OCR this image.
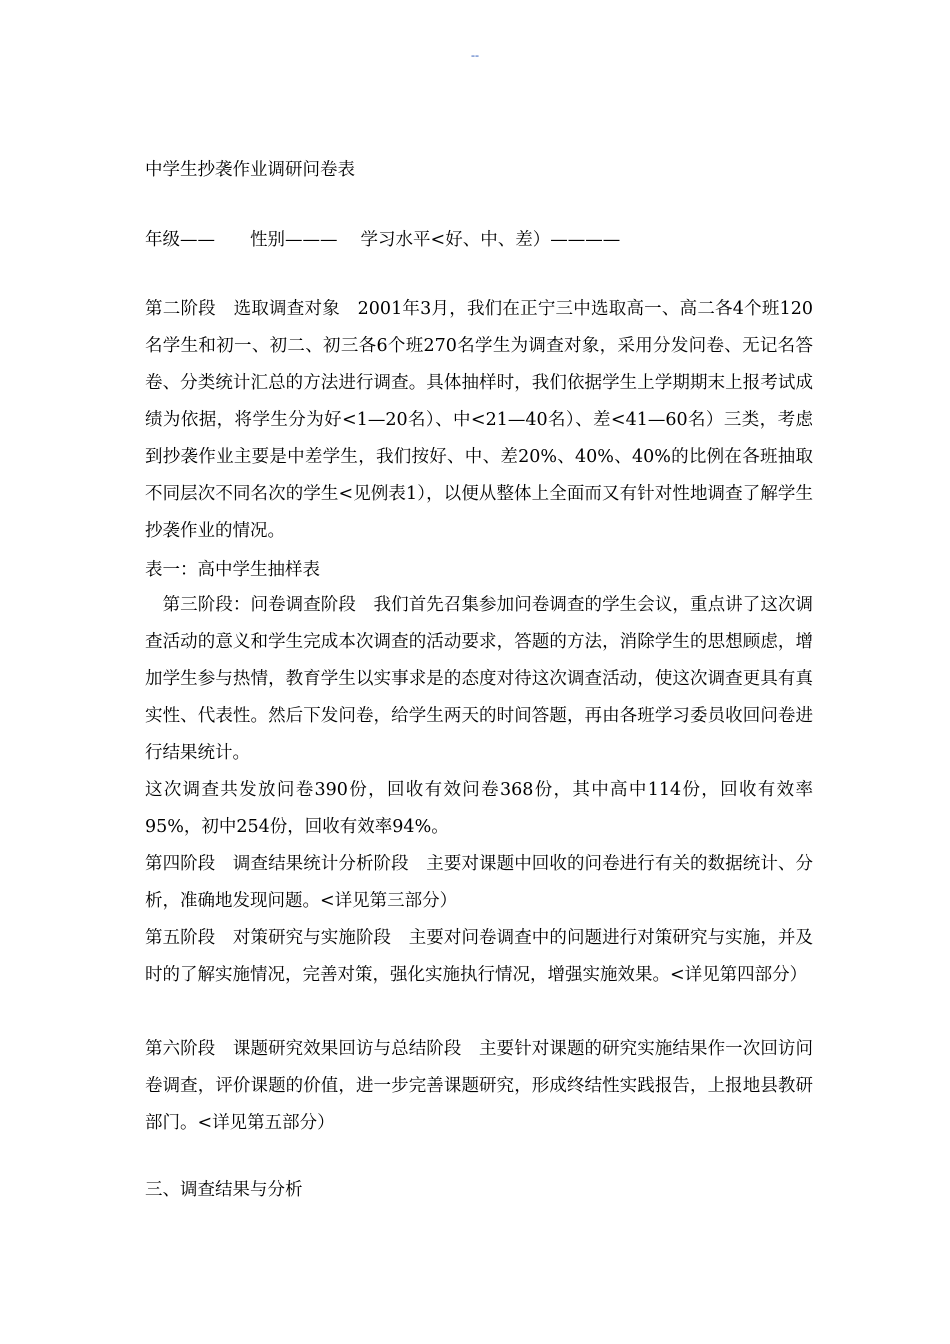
--
中学生抄袭作业调研问卷表
年级——　　性别———　 学习水平<好、中、差）————
第二阶段　选取调查对象　2001年3月，我们在正宁三中选取高一、高二各4个班120名学生和初一、初二、初三各6个班270名学生为调查对象，采用分发问卷、无记名答卷、分类统计汇总的方法进行调查。具体抽样时，我们依据学生上学期期末上报考试成绩为依据，将学生分为好<1—20名）、中<21—40名）、差<41—60名）三类，考虑到抄袭作业主要是中差学生，我们按好、中、差20%、40%、40%的比例在各班抽取不同层次不同名次的学生<见例表1），以便从整体上全面而又有针对性地调查了解学生抄袭作业的情况。
表一：高中学生抽样表
　第三阶段：问卷调查阶段　我们首先召集参加问卷调查的学生会议，重点讲了这次调查活动的意义和学生完成本次调查的活动要求，答题的方法，消除学生的思想顾虑，增加学生参与热情，教育学生以实事求是的态度对待这次调查活动，使这次调查更具有真实性、代表性。然后下发问卷，给学生两天的时间答题，再由各班学习委员收回问卷进行结果统计。
这次调查共发放问卷390份，回收有效问卷368份，其中高中114份，回收有效率95%，初中254份，回收有效率94%。
第四阶段　调查结果统计分析阶段　主要对课题中回收的问卷进行有关的数据统计、分析，准确地发现问题。<详见第三部分）
第五阶段　对策研究与实施阶段　主要对问卷调查中的问题进行对策研究与实施，并及时的了解实施情况，完善对策，强化实施执行情况，增强实施效果。<详见第四部分）
第六阶段　课题研究效果回访与总结阶段　主要针对课题的研究实施结果作一次回访问卷调查，评价课题的价值，进一步完善课题研究，形成终结性实践报告，上报地县教研部门。<详见第五部分）
三、调查结果与分析
